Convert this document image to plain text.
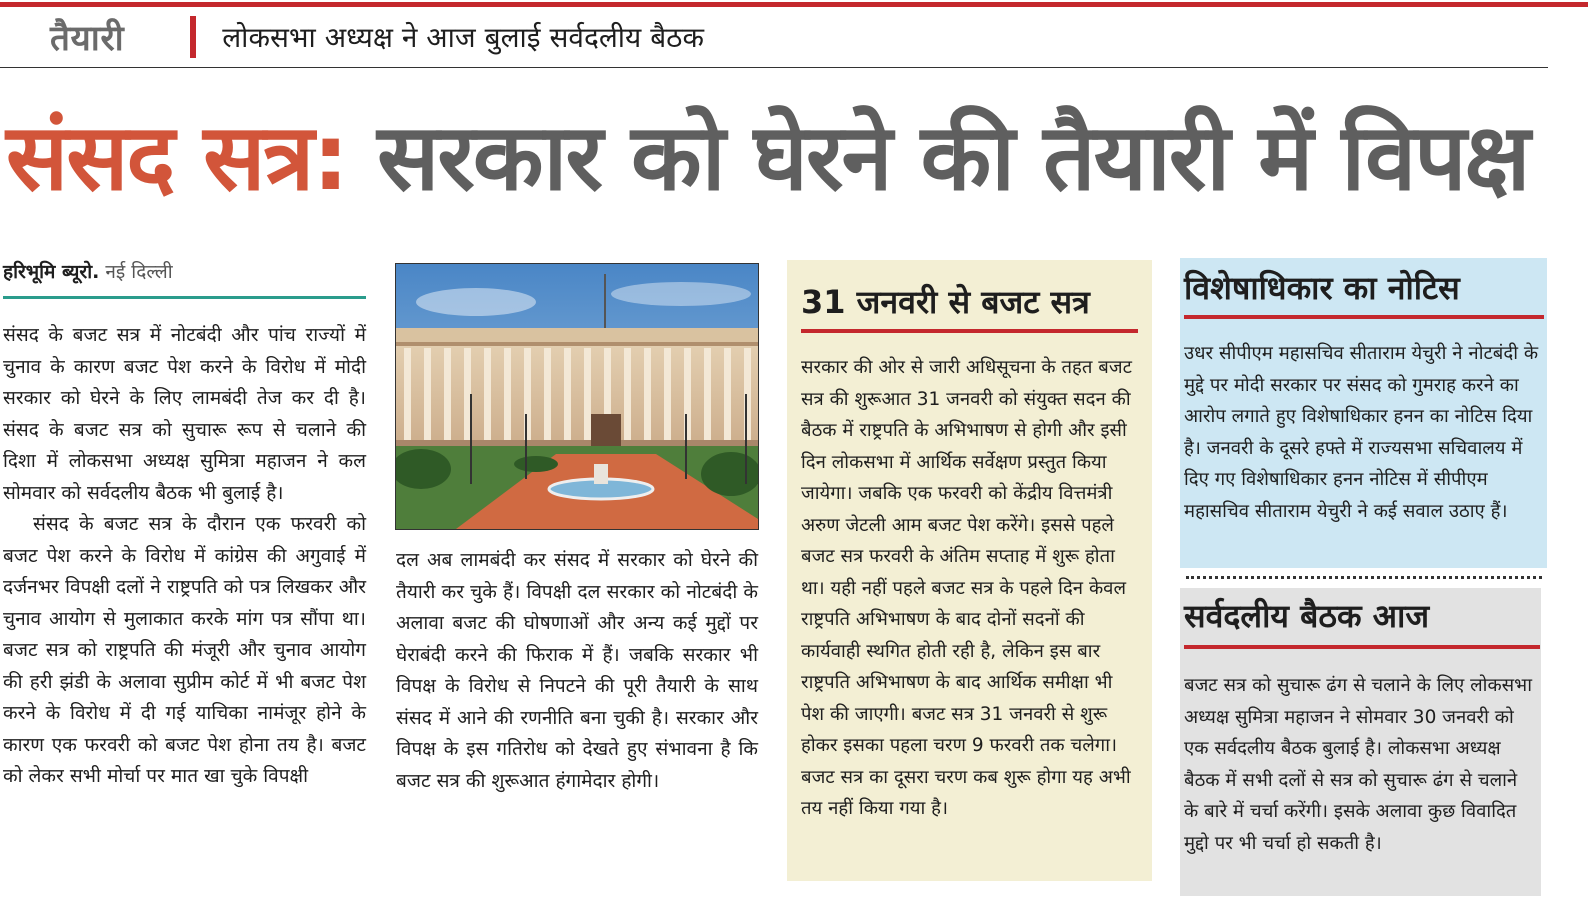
तैयारी	लोकसभा अध्यक्ष ने आज बुलाई सर्वदलीय बैठक
संसद सत्र: सरकार को घेरने की तैयारी में विपक्ष
हरिभूमि ब्यूरो. नई दिल्ली

संसद के बजट सत्र में नोटबंदी और पांच राज्यों में चुनाव के कारण बजट पेश करने के विरोध में मोदी सरकार को घेरने के लिए लामबंदी तेज कर दी है। संसद के बजट सत्र को सुचारू रूप से चलाने की दिशा में लोकसभा अध्यक्ष सुमित्रा महाजन ने कल सोमवार को सर्वदलीय बैठक भी बुलाई है।

संसद के बजट सत्र के दौरान एक फरवरी को बजट पेश करने के विरोध में कांग्रेस की अगुवाई में दर्जनभर विपक्षी दलों ने राष्ट्रपति को पत्र लिखकर और चुनाव आयोग से मुलाकात करके मांग पत्र सौंपा था। बजट सत्र को राष्ट्रपति की मंजूरी और चुनाव आयोग की हरी झंडी के अलावा सुप्रीम कोर्ट में भी बजट पेश करने के विरोध में दी गई याचिका नामंजूर होने के कारण एक फरवरी को बजट पेश होना तय है। बजट को लेकर सभी मोर्चा पर मात खा चुके विपक्षी

दल अब लामबंदी कर संसद में सरकार को घेरने की तैयारी कर चुके हैं। विपक्षी दल सरकार को नोटबंदी के अलावा बजट की घोषणाओं और अन्य कई मुद्दों पर घेराबंदी करने की फिराक में हैं। जबकि सरकार भी विपक्ष के विरोध से निपटने की पूरी तैयारी के साथ संसद में आने की रणनीति बना चुकी है। सरकार और विपक्ष के इस गतिरोध को देखते हुए संभावना है कि बजट सत्र की शुरूआत हंगामेदार होगी।

31 जनवरी से बजट सत्र

सरकार की ओर से जारी अधिसूचना के तहत बजट सत्र की शुरूआत 31 जनवरी को संयुक्त सदन की बैठक में राष्ट्रपति के अभिभाषण से होगी और इसी दिन लोकसभा में आर्थिक सर्वेक्षण प्रस्तुत किया जायेगा। जबकि एक फरवरी को केंद्रीय वित्तमंत्री अरुण जेटली आम बजट पेश करेंगे। इससे पहले बजट सत्र फरवरी के अंतिम सप्ताह में शुरू होता था। यही नहीं पहले बजट सत्र के पहले दिन केवल राष्ट्रपति अभिभाषण के बाद दोनों सदनों की कार्यवाही स्थगित होती रही है, लेकिन इस बार राष्ट्रपति अभिभाषण के बाद आर्थिक समीक्षा भी पेश की जाएगी। बजट सत्र 31 जनवरी से शुरू होकर इसका पहला चरण 9 फरवरी तक चलेगा। बजट सत्र का दूसरा चरण कब शुरू होगा यह अभी तय नहीं किया गया है।

विशेषाधिकार का नोटिस

उधर सीपीएम महासचिव सीताराम येचुरी ने नोटबंदी के मुद्दे पर मोदी सरकार पर संसद को गुमराह करने का आरोप लगाते हुए विशेषाधिकार हनन का नोटिस दिया है। जनवरी के दूसरे हफ्ते में राज्यसभा सचिवालय में दिए गए विशेषाधिकार हनन नोटिस में सीपीएम महासचिव सीताराम येचुरी ने कई सवाल उठाए हैं।

सर्वदलीय बैठक आज

बजट सत्र को सुचारू ढंग से चलाने के लिए लोकसभा अध्यक्ष सुमित्रा महाजन ने सोमवार 30 जनवरी को एक सर्वदलीय बैठक बुलाई है। लोकसभा अध्यक्ष बैठक में सभी दलों से सत्र को सुचारू ढंग से चलाने के बारे में चर्चा करेंगी। इसके अलावा कुछ विवादित मुद्दो पर भी चर्चा हो सकती है।
